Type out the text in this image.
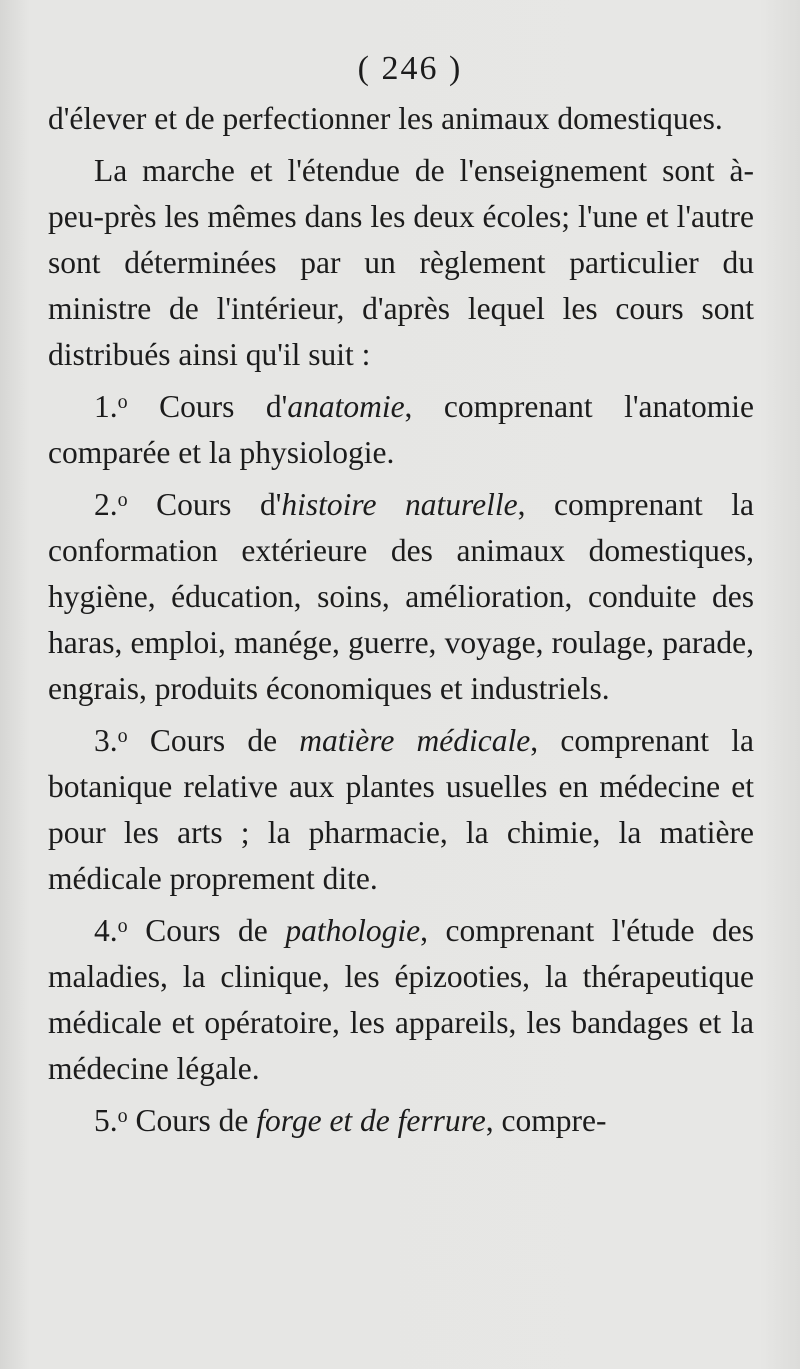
( 246 )

d'élever et de perfectionner les animaux domestiques.

La marche et l'étendue de l'enseignement sont à-peu-près les mêmes dans les deux écoles; l'une et l'autre sont déterminées par un règlement particulier du ministre de l'intérieur, d'après lequel les cours sont distribués ainsi qu'il suit :

1.$^o$ Cours d'anatomie, comprenant l'anatomie comparée et la physiologie.

2.$^o$ Cours d'histoire naturelle, comprenant la conformation extérieure des animaux domestiques, hygiène, éducation, soins, amélioration, conduite des haras, emploi, manége, guerre, voyage, roulage, parade, engrais, produits économiques et industriels.

3.$^o$ Cours de matière médicale, comprenant la botanique relative aux plantes usuelles en médecine et pour les arts ; la pharmacie, la chimie, la matière médicale proprement dite.

4.$^o$ Cours de pathologie, comprenant l'étude des maladies, la clinique, les épizooties, la thérapeutique médicale et opératoire, les appareils, les bandages et la médecine légale.

5.$^o$ Cours de forge et de ferrure, compre-
